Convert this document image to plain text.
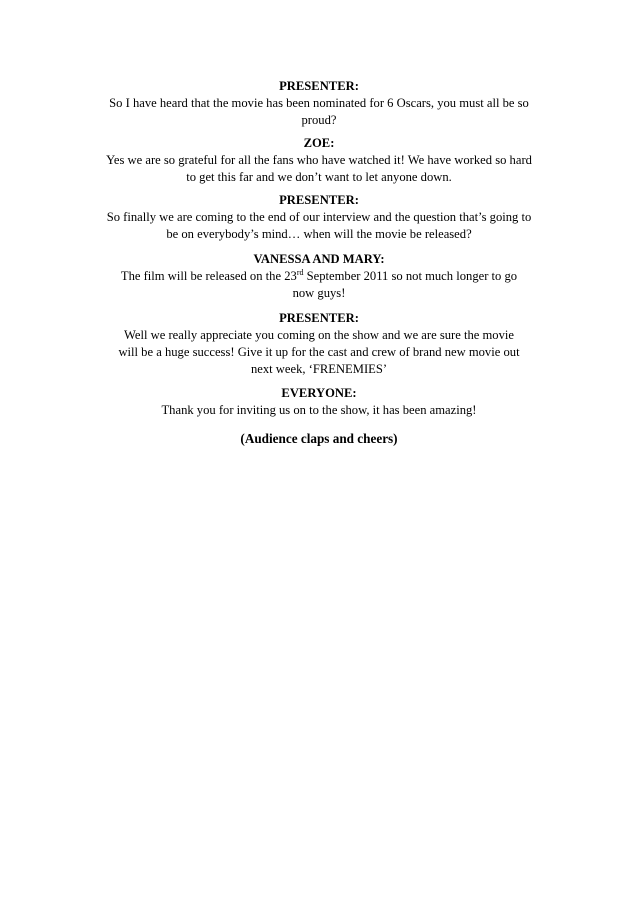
PRESENTER:
So I have heard that the movie has been nominated for 6 Oscars, you must all be so
proud?
ZOE:
Yes we are so grateful for all the fans who have watched it! We have worked so hard
to get this far and we don’t want to let anyone down.
PRESENTER:
So finally we are coming to the end of our interview and the question that’s going to
be on everybody’s mind… when will the movie be released?
VANESSA AND MARY:
The film will be released on the 23rd September 2011 so not much longer to go
now guys!
PRESENTER:
Well we really appreciate you coming on the show and we are sure the movie
will be a huge success! Give it up for the cast and crew of brand new movie out
next week, ‘FRENEMIES’
EVERYONE:
Thank you for inviting us on to the show, it has been amazing!
(Audience claps and cheers)
